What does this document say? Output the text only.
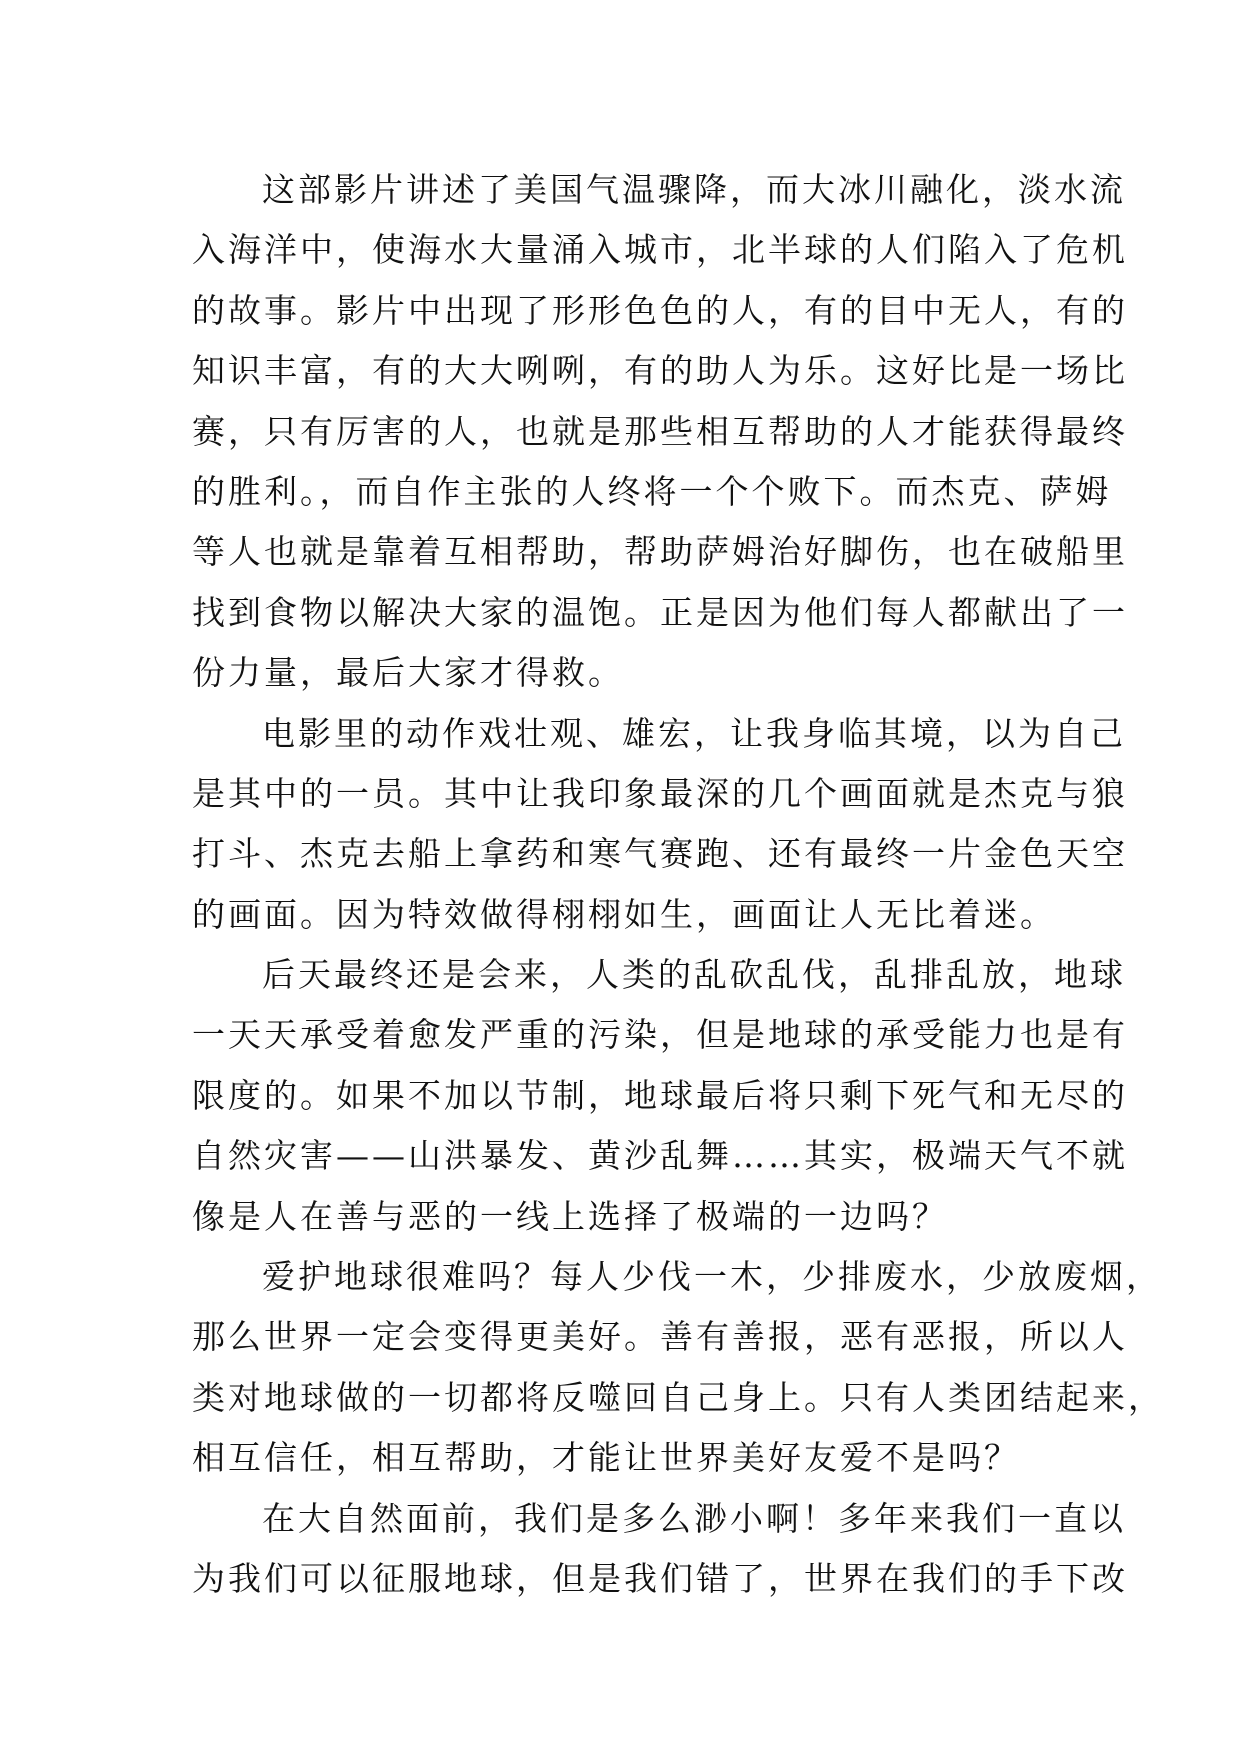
这部影片讲述了美国气温骤降，而大冰川融化，淡水流
入海洋中，使海水大量涌入城市，北半球的人们陷入了危机
的故事。影片中出现了形形色色的人，有的目中无人，有的
知识丰富，有的大大咧咧，有的助人为乐。这好比是一场比
赛，只有厉害的人，也就是那些相互帮助的人才能获得最终
的胜利。，而自作主张的人终将一个个败下。而杰克、萨姆
等人也就是靠着互相帮助，帮助萨姆治好脚伤，也在破船里
找到食物以解决大家的温饱。正是因为他们每人都献出了一
份力量，最后大家才得救。
电影里的动作戏壮观、雄宏，让我身临其境，以为自己
是其中的一员。其中让我印象最深的几个画面就是杰克与狼
打斗、杰克去船上拿药和寒气赛跑、还有最终一片金色天空
的画面。因为特效做得栩栩如生，画面让人无比着迷。
后天最终还是会来，人类的乱砍乱伐，乱排乱放，地球
一天天承受着愈发严重的污染，但是地球的承受能力也是有
限度的。如果不加以节制，地球最后将只剩下死气和无尽的
自然灾害——山洪暴发、黄沙乱舞……其实，极端天气不就
像是人在善与恶的一线上选择了极端的一边吗？
爱护地球很难吗？每人少伐一木，少排废水，少放废烟，
那么世界一定会变得更美好。善有善报，恶有恶报，所以人
类对地球做的一切都将反噬回自己身上。只有人类团结起来，
相互信任，相互帮助，才能让世界美好友爱不是吗？
在大自然面前，我们是多么渺小啊！多年来我们一直以
为我们可以征服地球，但是我们错了，世界在我们的手下改
